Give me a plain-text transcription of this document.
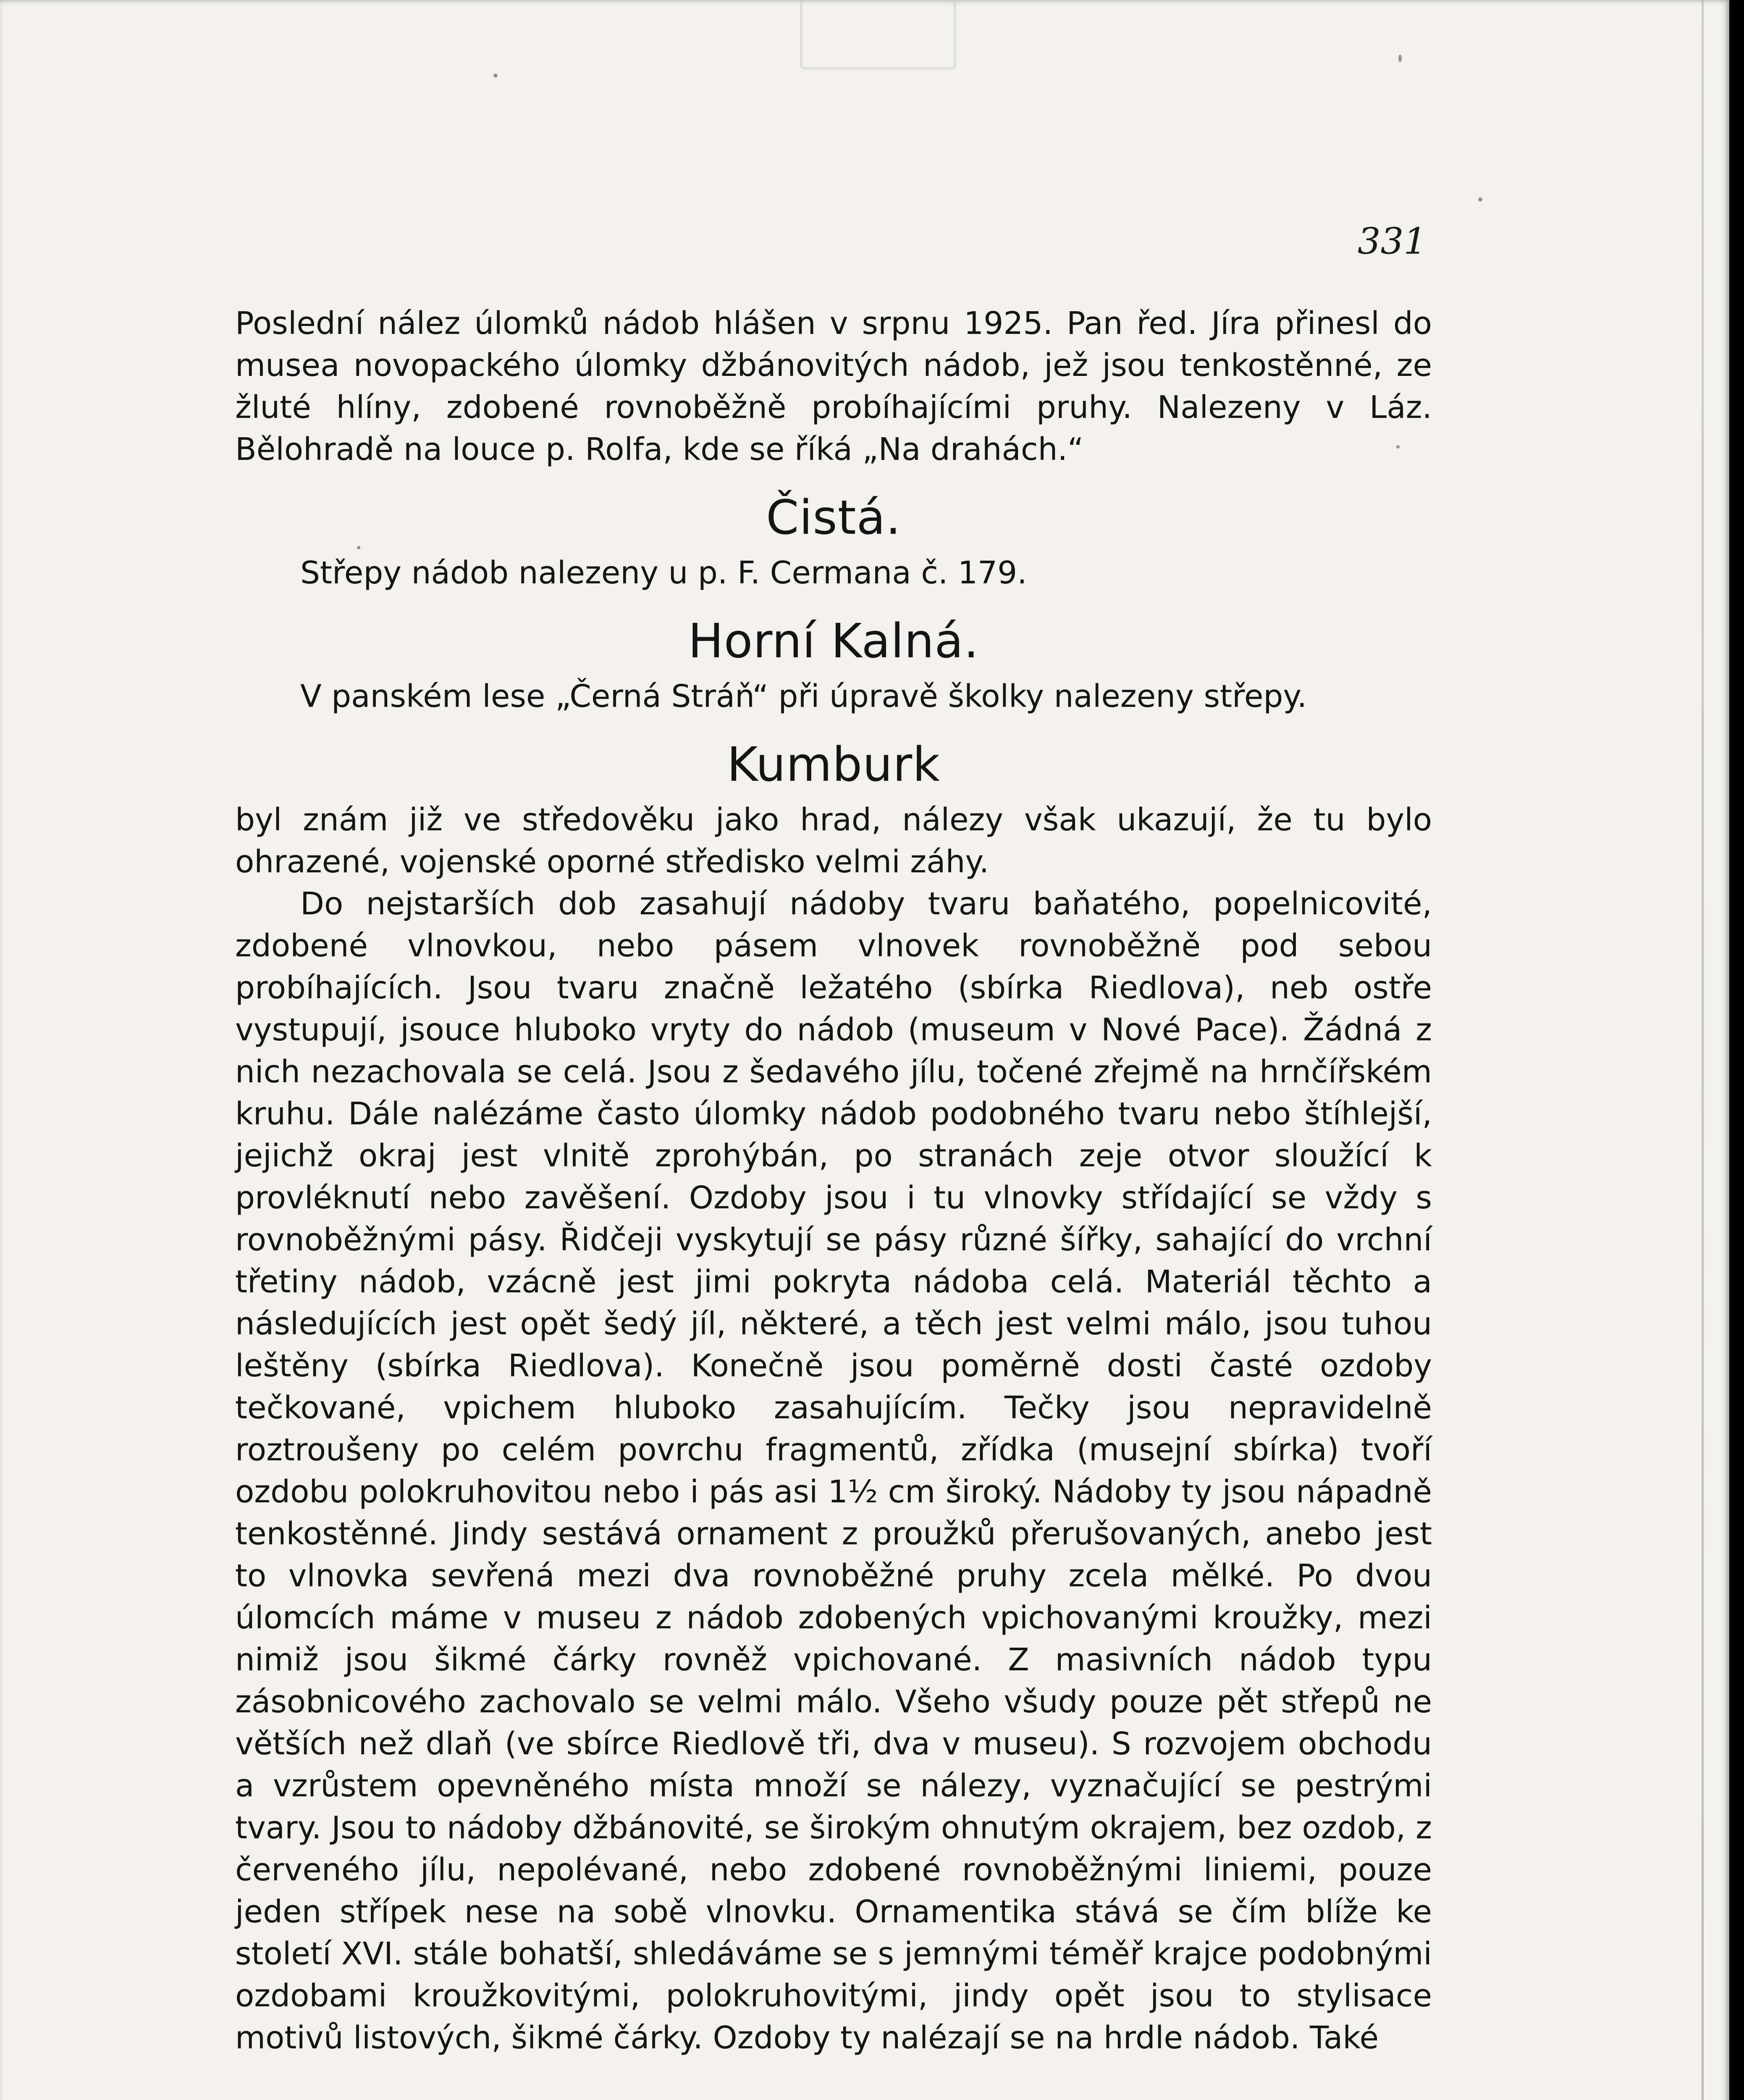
331

Poslední nález úlomků nádob hlášen v srpnu 1925. Pan řed. Jíra přinesl do musea novopackého úlomky džbánovitých nádob, jež jsou tenkostěnné, ze žluté hlíny, zdobené rovnoběžně probíhajícími pruhy. Nalezeny v Láz. Bělohradě na louce p. Rolfa, kde se říká „Na drahách.“

Čistá.

Střepy nádob nalezeny u p. F. Cermana č. 179.

Horní Kalná.

V panském lese „Černá Stráň“ při úpravě školky nalezeny střepy.

Kumburk

byl znám již ve středověku jako hrad, nálezy však ukazují, že tu bylo ohrazené, vojenské oporné středisko velmi záhy.

Do nejstarších dob zasahují nádoby tvaru baňatého, popelnicovité, zdobené vlnovkou, nebo pásem vlnovek rovnoběžně pod sebou probíhajících. Jsou tvaru značně ležatého (sbírka Riedlova), neb ostře vystupují, jsouce hluboko vryty do nádob (museum v Nové Pace). Žádná z nich nezachovala se celá. Jsou z šedavého jílu, točené zřejmě na hrnčířském kruhu. Dále nalézáme často úlomky nádob podobného tvaru nebo štíhlejší, jejichž okraj jest vlnitě zprohýbán, po stranách zeje otvor sloužící k provléknutí nebo zavěšení. Ozdoby jsou i tu vlnovky střídající se vždy s rovnoběžnými pásy. Řidčeji vyskytují se pásy různé šířky, sahající do vrchní třetiny nádob, vzácně jest jimi pokryta nádoba celá. Materiál těchto a následujících jest opět šedý jíl, některé, a těch jest velmi málo, jsou tuhou leštěny (sbírka Riedlova). Konečně jsou poměrně dosti časté ozdoby tečkované, vpichem hluboko zasahujícím. Tečky jsou nepravidelně roztroušeny po celém povrchu fragmentů, zřídka (musejní sbírka) tvoří ozdobu polokruhovitou nebo i pás asi 1½ cm široký. Nádoby ty jsou nápadně tenkostěnné. Jindy sestává ornament z proužků přerušovaných, anebo jest to vlnovka sevřená mezi dva rovnoběžné pruhy zcela mělké. Po dvou úlomcích máme v museu z nádob zdobených vpichovanými kroužky, mezi nimiž jsou šikmé čárky rovněž vpichované. Z masivních nádob typu zásobnicového zachovalo se velmi málo. Všeho všudy pouze pět střepů ne větších než dlaň (ve sbírce Riedlově tři, dva v museu). S rozvojem obchodu a vzrůstem opevněného místa množí se nálezy, vyznačující se pestrými tvary. Jsou to nádoby džbánovité, se širokým ohnutým okrajem, bez ozdob, z červeného jílu, nepolévané, nebo zdobené rovnoběžnými liniemi, pouze jeden střípek nese na sobě vlnovku. Ornamentika stává se čím blíže ke století XVI. stále bohatší, shledáváme se s jemnými téměř krajce podobnými ozdobami kroužkovitými, polokruhovitými, jindy opět jsou to stylisace motivů listových, šikmé čárky. Ozdoby ty nalézají se na hrdle nádob. Také
